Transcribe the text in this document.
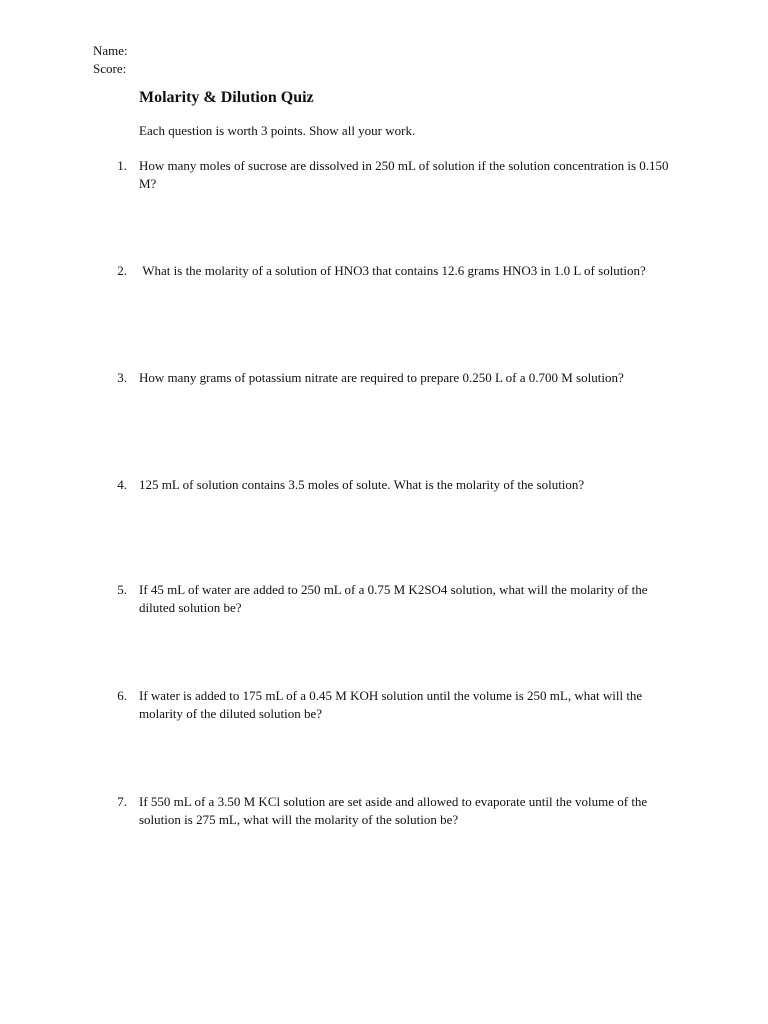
Name:
Score:
Molarity & Dilution Quiz
Each question is worth 3 points. Show all your work.
1. How many moles of sucrose are dissolved in 250 mL of solution if the solution concentration is 0.150 M?
2. What is the molarity of a solution of HNO3 that contains 12.6 grams HNO3 in 1.0 L of solution?
3. How many grams of potassium nitrate are required to prepare 0.250 L of a 0.700 M solution?
4. 125 mL of solution contains 3.5 moles of solute. What is the molarity of the solution?
5. If 45 mL of water are added to 250 mL of a 0.75 M K2SO4 solution, what will the molarity of the diluted solution be?
6. If water is added to 175 mL of a 0.45 M KOH solution until the volume is 250 mL, what will the molarity of the diluted solution be?
7. If 550 mL of a 3.50 M KCl solution are set aside and allowed to evaporate until the volume of the solution is 275 mL, what will the molarity of the solution be?
